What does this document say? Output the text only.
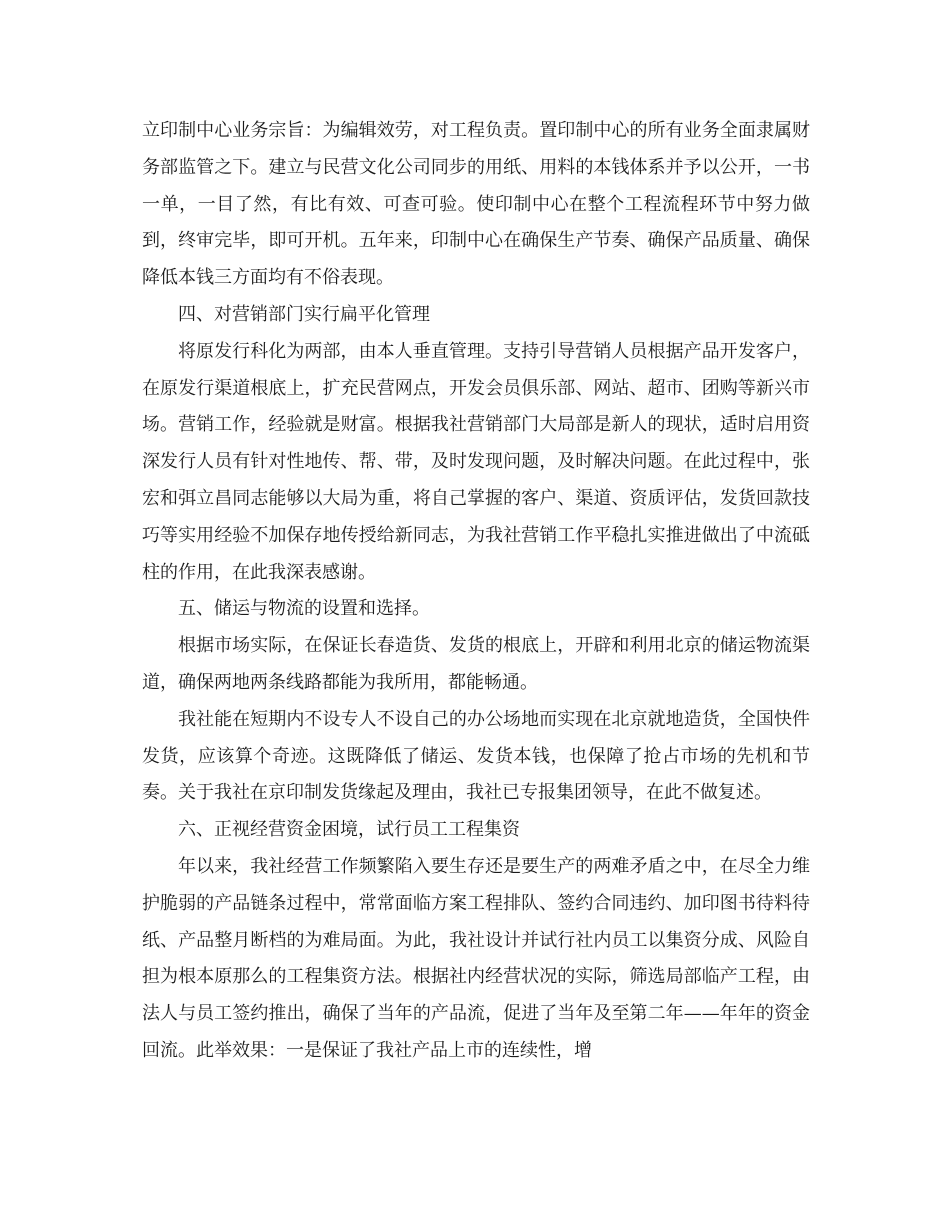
立印制中心业务宗旨：为编辑效劳，对工程负责。置印制中心的所有业务全面隶属财务部监管之下。建立与民营文化公司同步的用纸、用料的本钱体系并予以公开，一书一单，一目了然，有比有效、可查可验。使印制中心在整个工程流程环节中努力做到，终审完毕，即可开机。五年来，印制中心在确保生产节奏、确保产品质量、确保降低本钱三方面均有不俗表现。

四、对营销部门实行扁平化管理

将原发行科化为两部，由本人垂直管理。支持引导营销人员根据产品开发客户，在原发行渠道根底上，扩充民营网点，开发会员俱乐部、网站、超市、团购等新兴市场。营销工作，经验就是财富。根据我社营销部门大局部是新人的现状，适时启用资深发行人员有针对性地传、帮、带，及时发现问题，及时解决问题。在此过程中，张宏和弭立昌同志能够以大局为重，将自己掌握的客户、渠道、资质评估，发货回款技巧等实用经验不加保存地传授给新同志，为我社营销工作平稳扎实推进做出了中流砥柱的作用，在此我深表感谢。

五、储运与物流的设置和选择。

根据市场实际，在保证长春造货、发货的根底上，开辟和利用北京的储运物流渠道，确保两地两条线路都能为我所用，都能畅通。

我社能在短期内不设专人不设自己的办公场地而实现在北京就地造货，全国快件发货，应该算个奇迹。这既降低了储运、发货本钱，也保障了抢占市场的先机和节奏。关于我社在京印制发货缘起及理由，我社已专报集团领导，在此不做复述。

六、正视经营资金困境，试行员工工程集资

年以来，我社经营工作频繁陷入要生存还是要生产的两难矛盾之中，在尽全力维护脆弱的产品链条过程中，常常面临方案工程排队、签约合同违约、加印图书待料待纸、产品整月断档的为难局面。为此，我社设计并试行社内员工以集资分成、风险自担为根本原那么的工程集资方法。根据社内经营状况的实际，筛选局部临产工程，由法人与员工签约推出，确保了当年的产品流，促进了当年及至第二年——年年的资金回流。此举效果：一是保证了我社产品上市的连续性，增
